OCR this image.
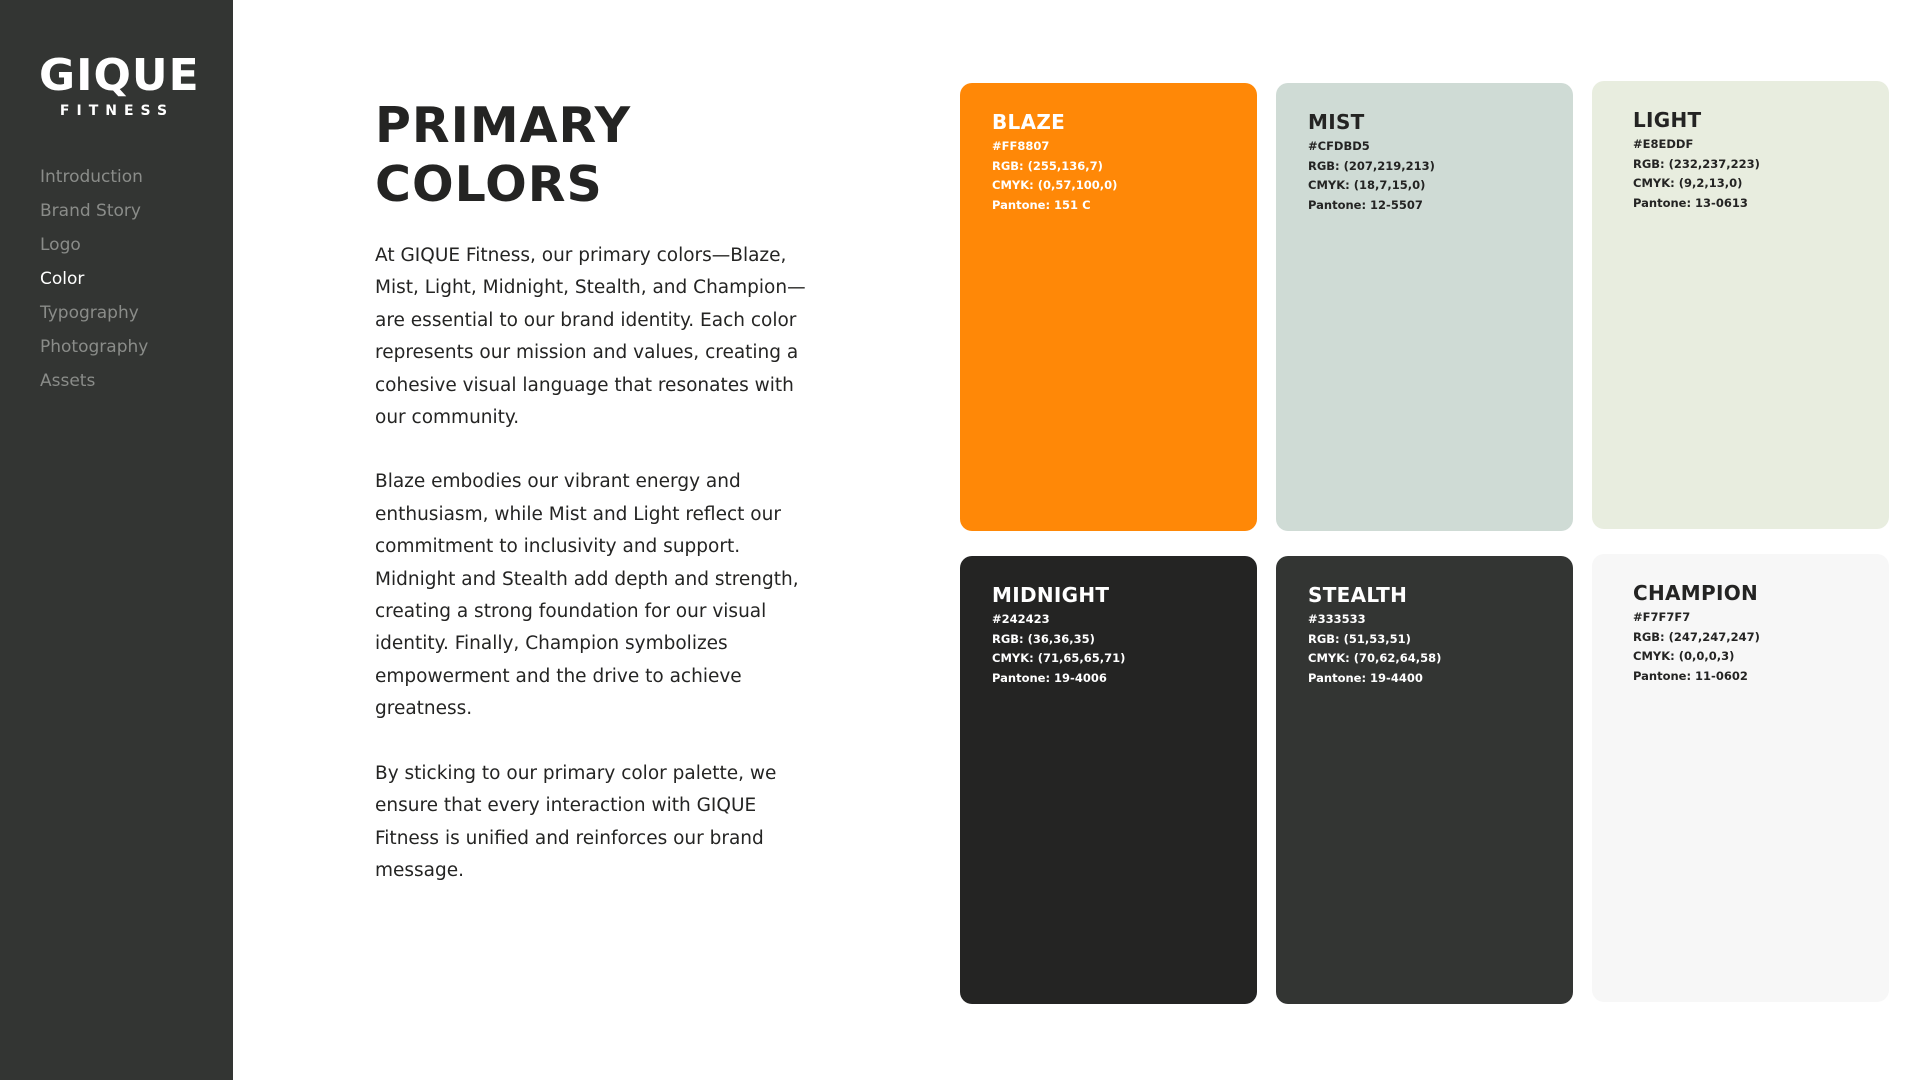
GIQUE
FITNESS
Introduction
Brand Story
Logo
Color
Typography
Photography
Assets
PRIMARY
COLORS

At GIQUE Fitness, our primary colors—Blaze, Mist, Light, Midnight, Stealth, and Champion—are essential to our brand identity. Each color represents our mission and values, creating a cohesive visual language that resonates with our community.

Blaze embodies our vibrant energy and enthusiasm, while Mist and Light reflect our commitment to inclusivity and support. Midnight and Stealth add depth and strength, creating a strong foundation for our visual identity. Finally, Champion symbolizes empowerment and the drive to achieve greatness.

By sticking to our primary color palette, we ensure that every interaction with GIQUE Fitness is unified and reinforces our brand message.

BLAZE
#FF8807
RGB: (255,136,7)
CMYK: (0,57,100,0)
Pantone: 151 C
MIST
#CFDBD5
RGB: (207,219,213)
CMYK: (18,7,15,0)
Pantone: 12-5507
LIGHT
#E8EDDF
RGB: (232,237,223)
CMYK: (9,2,13,0)
Pantone: 13-0613
MIDNIGHT
#242423
RGB: (36,36,35)
CMYK: (71,65,65,71)
Pantone: 19-4006
STEALTH
#333533
RGB: (51,53,51)
CMYK: (70,62,64,58)
Pantone: 19-4400
CHAMPION
#F7F7F7
RGB: (247,247,247)
CMYK: (0,0,0,3)
Pantone: 11-0602
